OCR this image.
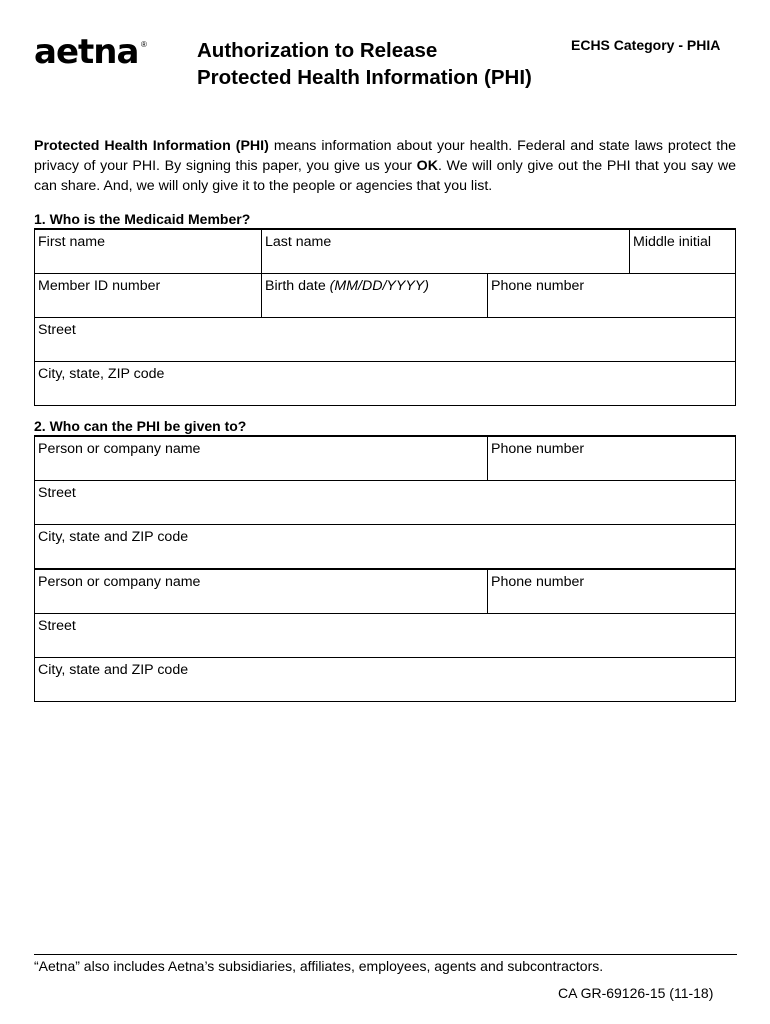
aetna ® Authorization to Release Protected Health Information (PHI)
ECHS Category - PHIA
Protected Health Information (PHI) means information about your health. Federal and state laws protect the privacy of your PHI. By signing this paper, you give us your OK. We will only give out the PHI that you say we can share. And, we will only give it to the people or agencies that you list.
1. Who is the Medicaid Member?
First name	Last name	Middle initial
Member ID number	Birth date (MM/DD/YYYY)	Phone number
Street
City, state, ZIP code
2. Who can the PHI be given to?
Person or company name	Phone number
Street
City, state and ZIP code
Person or company name	Phone number
Street
City, state and ZIP code
“Aetna” also includes Aetna’s subsidiaries, affiliates, employees, agents and subcontractors.
CA GR-69126-15 (11-18)
